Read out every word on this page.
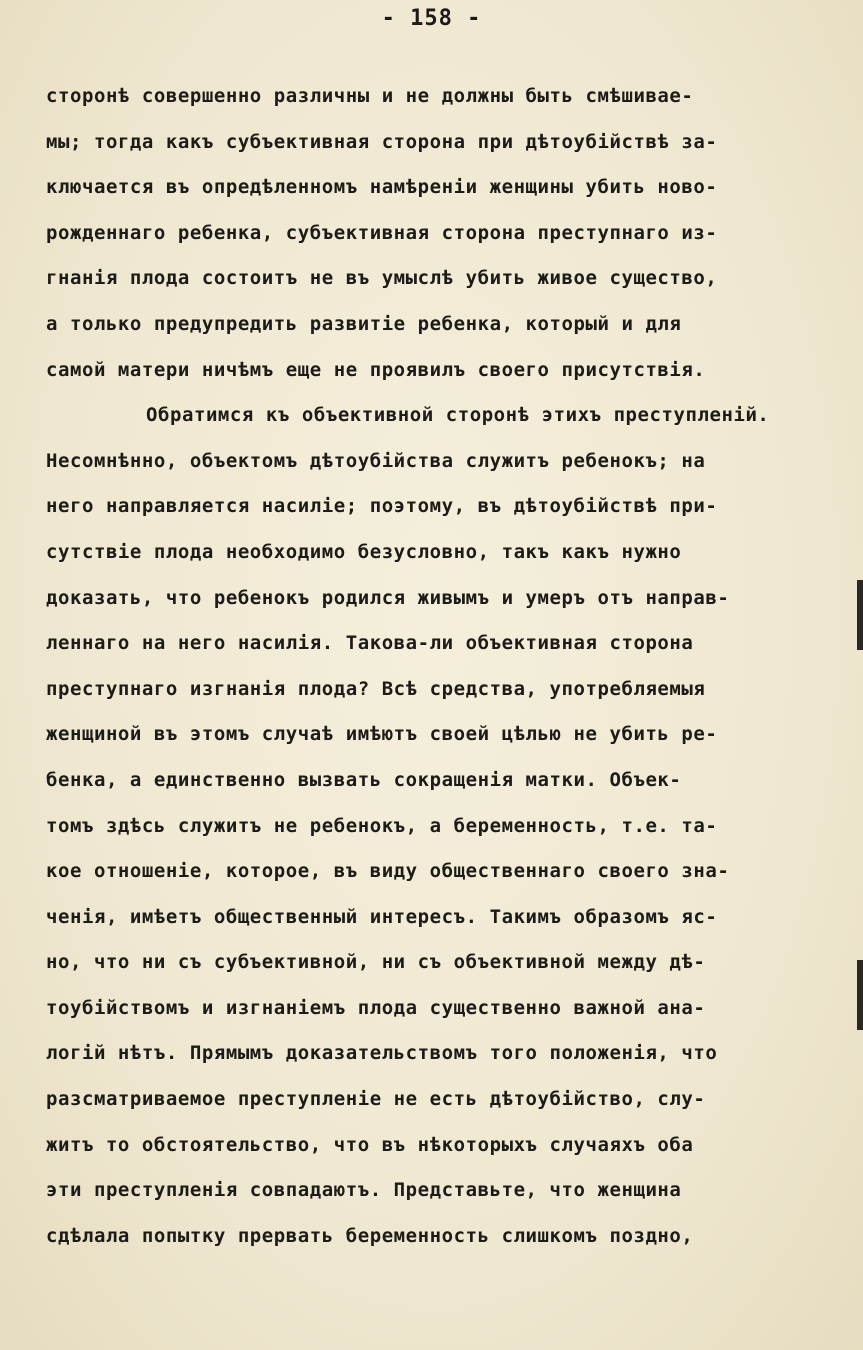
- 158 -
сторонѣ совершенно различны и не должны быть смѣшивае-
мы; тогда какъ субъективная сторона при дѣтоубiйствѣ за-
ключается въ опредѣленномъ намѣренiи женщины убить ново-
рожденнаго ребенка, субъективная сторона преступнаго из-
гнанiя плода состоитъ не въ умыслѣ убить живое существо,
а только предупредить развитiе ребенка, который и для
самой матери ничѣмъ еще не проявилъ своего присутствiя.
Обратимся къ объективной сторонѣ этихъ преступленiй.
Несомнѣнно, объектомъ дѣтоубiйства служитъ ребенокъ; на
него направляется насилiе; поэтому, въ дѣтоубiйствѣ при-
сутствiе плода необходимо безусловно, такъ какъ нужно
доказать, что ребенокъ родился живымъ и умеръ отъ направ-
леннаго на него насилiя. Такова-ли объективная сторона
преступнаго изгнанiя плода? Всѣ средства, употребляемыя
женщиной въ этомъ случаѣ имѣютъ своей цѣлью не убить ре-
бенка, а единственно вызвать сокращенiя матки. Объек-
томъ здѣсь служитъ не ребенокъ, а беременность, т.е. та-
кое отношенiе, которое, въ виду общественнаго своего зна-
ченiя, имѣетъ общественный интересъ. Такимъ образомъ яс-
но, что ни съ субъективной, ни съ объективной между дѣ-
тоубiйствомъ и изгнанiемъ плода существенно важной ана-
логiй нѣтъ. Прямымъ доказательствомъ того положенiя, что
разсматриваемое преступленiе не есть дѣтоубiйство, слу-
житъ то обстоятельство, что въ нѣкоторыхъ случаяхъ оба
эти преступленiя совпадаютъ. Представьте, что женщина
сдѣлала попытку прервать беременность слишкомъ поздно,
